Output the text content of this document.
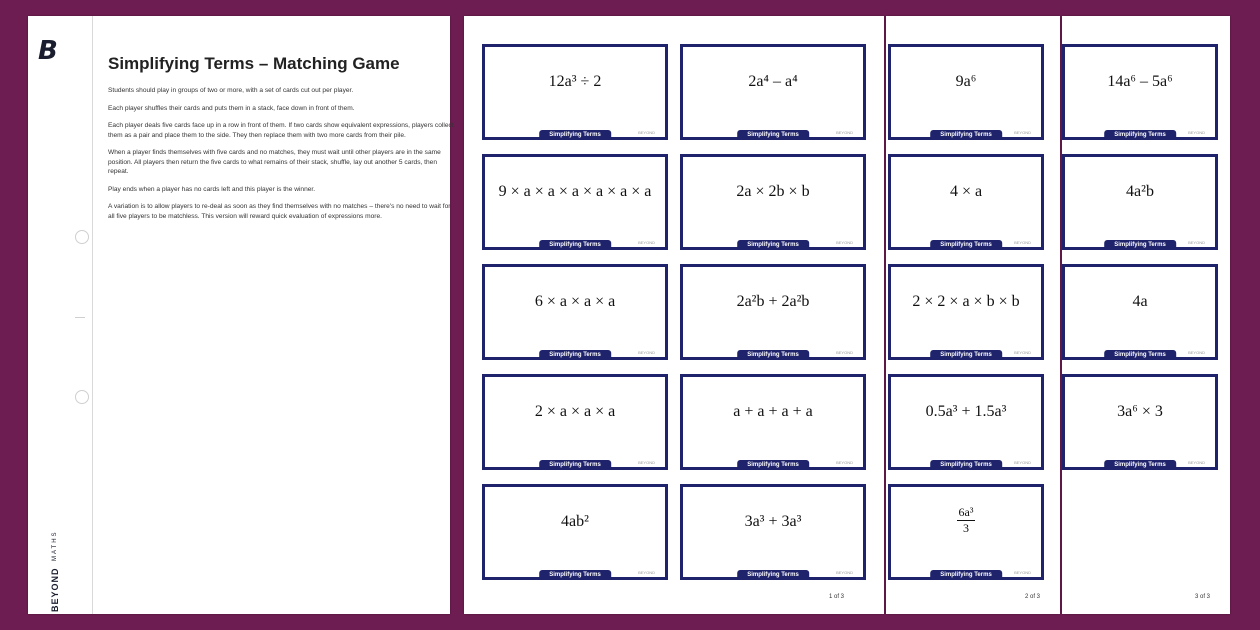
B
BEYOND MATHS
Simplifying Terms – Matching Game

Students should play in groups of two or more, with a set of cards cut out per player.

Each player shuffles their cards and puts them in a stack, face down in front of them.

Each player deals five cards face up in a row in front of them. If two cards show equivalent expressions, players collect them as a pair and place them to the side. They then replace them with two more cards from their pile.

When a player finds themselves with five cards and no matches, they must wait until other players are in the same position. All players then return the five cards to what remains of their stack, shuffle, lay out another 5 cards, then repeat.

Play ends when a player has no cards left and this player is the winner.

A variation is to allow players to re-deal as soon as they find themselves with no matches – there's no need to wait for all five players to be matchless. This version will reward quick evaluation of expressions more.

12a³ ÷ 2
Simplifying Terms	BEYOND
2a⁴ – a⁴
Simplifying Terms	BEYOND
9 × a × a × a × a × a × a
Simplifying Terms	BEYOND
2a × 2b × b
Simplifying Terms	BEYOND
6 × a × a × a
Simplifying Terms	BEYOND
2a²b + 2a²b
Simplifying Terms	BEYOND
2 × a × a × a
Simplifying Terms	BEYOND
a + a + a + a
Simplifying Terms	BEYOND
4ab²
Simplifying Terms	BEYOND
3a³ + 3a³
Simplifying Terms	BEYOND
1 of 3
9a⁶
Simplifying Terms	BEYOND
4 × a
Simplifying Terms	BEYOND
2 × 2 × a × b × b
Simplifying Terms	BEYOND
0.5a³ + 1.5a³
Simplifying Terms	BEYOND
$\frac{\text{6a³}}{3}$
Simplifying Terms	BEYOND
2 of 3
14a⁶ – 5a⁶
Simplifying Terms	BEYOND
4a²b
Simplifying Terms	BEYOND
4a
Simplifying Terms	BEYOND
3a⁶ × 3
Simplifying Terms	BEYOND
3 of 3
